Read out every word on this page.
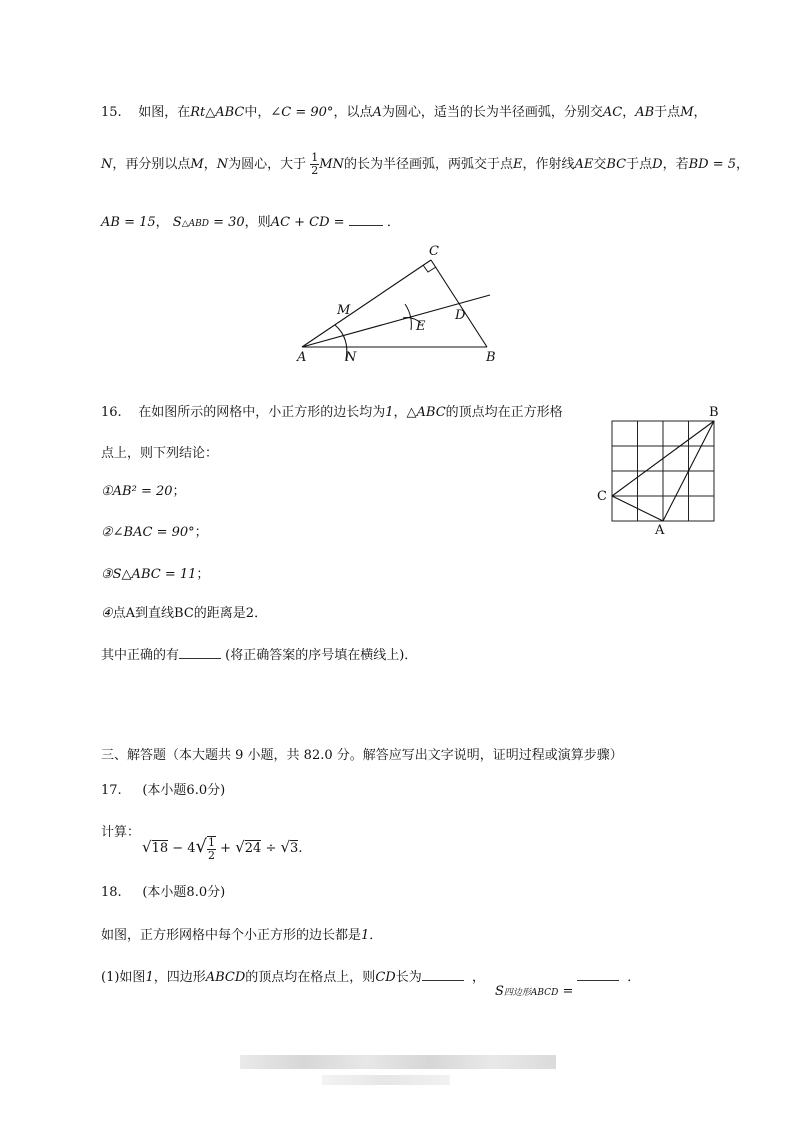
15. 如图，在Rt△ABC中，∠C = 90°，以点A为圆心，适当的长为半径画弧，分别交AC，AB于点M，
N，再分别以点M，N为圆心，大于 $\frac{1}{2}$ MN的长为半径画弧，两弧交于点E，作射线AE交BC于点D，若BD = 5，
AB = 15， S△ABD = 30，则AC + CD =	．
C
M
A	N	B
D
E
16. 在如图所示的网格中，小正方形的边长均为1，△ABC的顶点均在正方形格
点上，则下列结论：
①AB² = 20；
②∠BAC = 90°；
③S△ABC = 11；
④点A到直线BC的距离是2．
其中正确的有	(将正确答案的序号填在横线上)．
B
C
A
三、解答题（本大题共 9 小题，共 82.0 分。解答应写出文字说明，证明过程或演算步骤）
17. (本小题6.0分)
计算：
$√18 - 4√ \frac{1}{2} + √24 \div √3$.
18. (本小题8.0分)
如图，正方形网格中每个小正方形的边长都是1．
(1)如图1，四边形ABCD的顶点均在格点上，则CD长为	，
S四边形ABCD =
．
